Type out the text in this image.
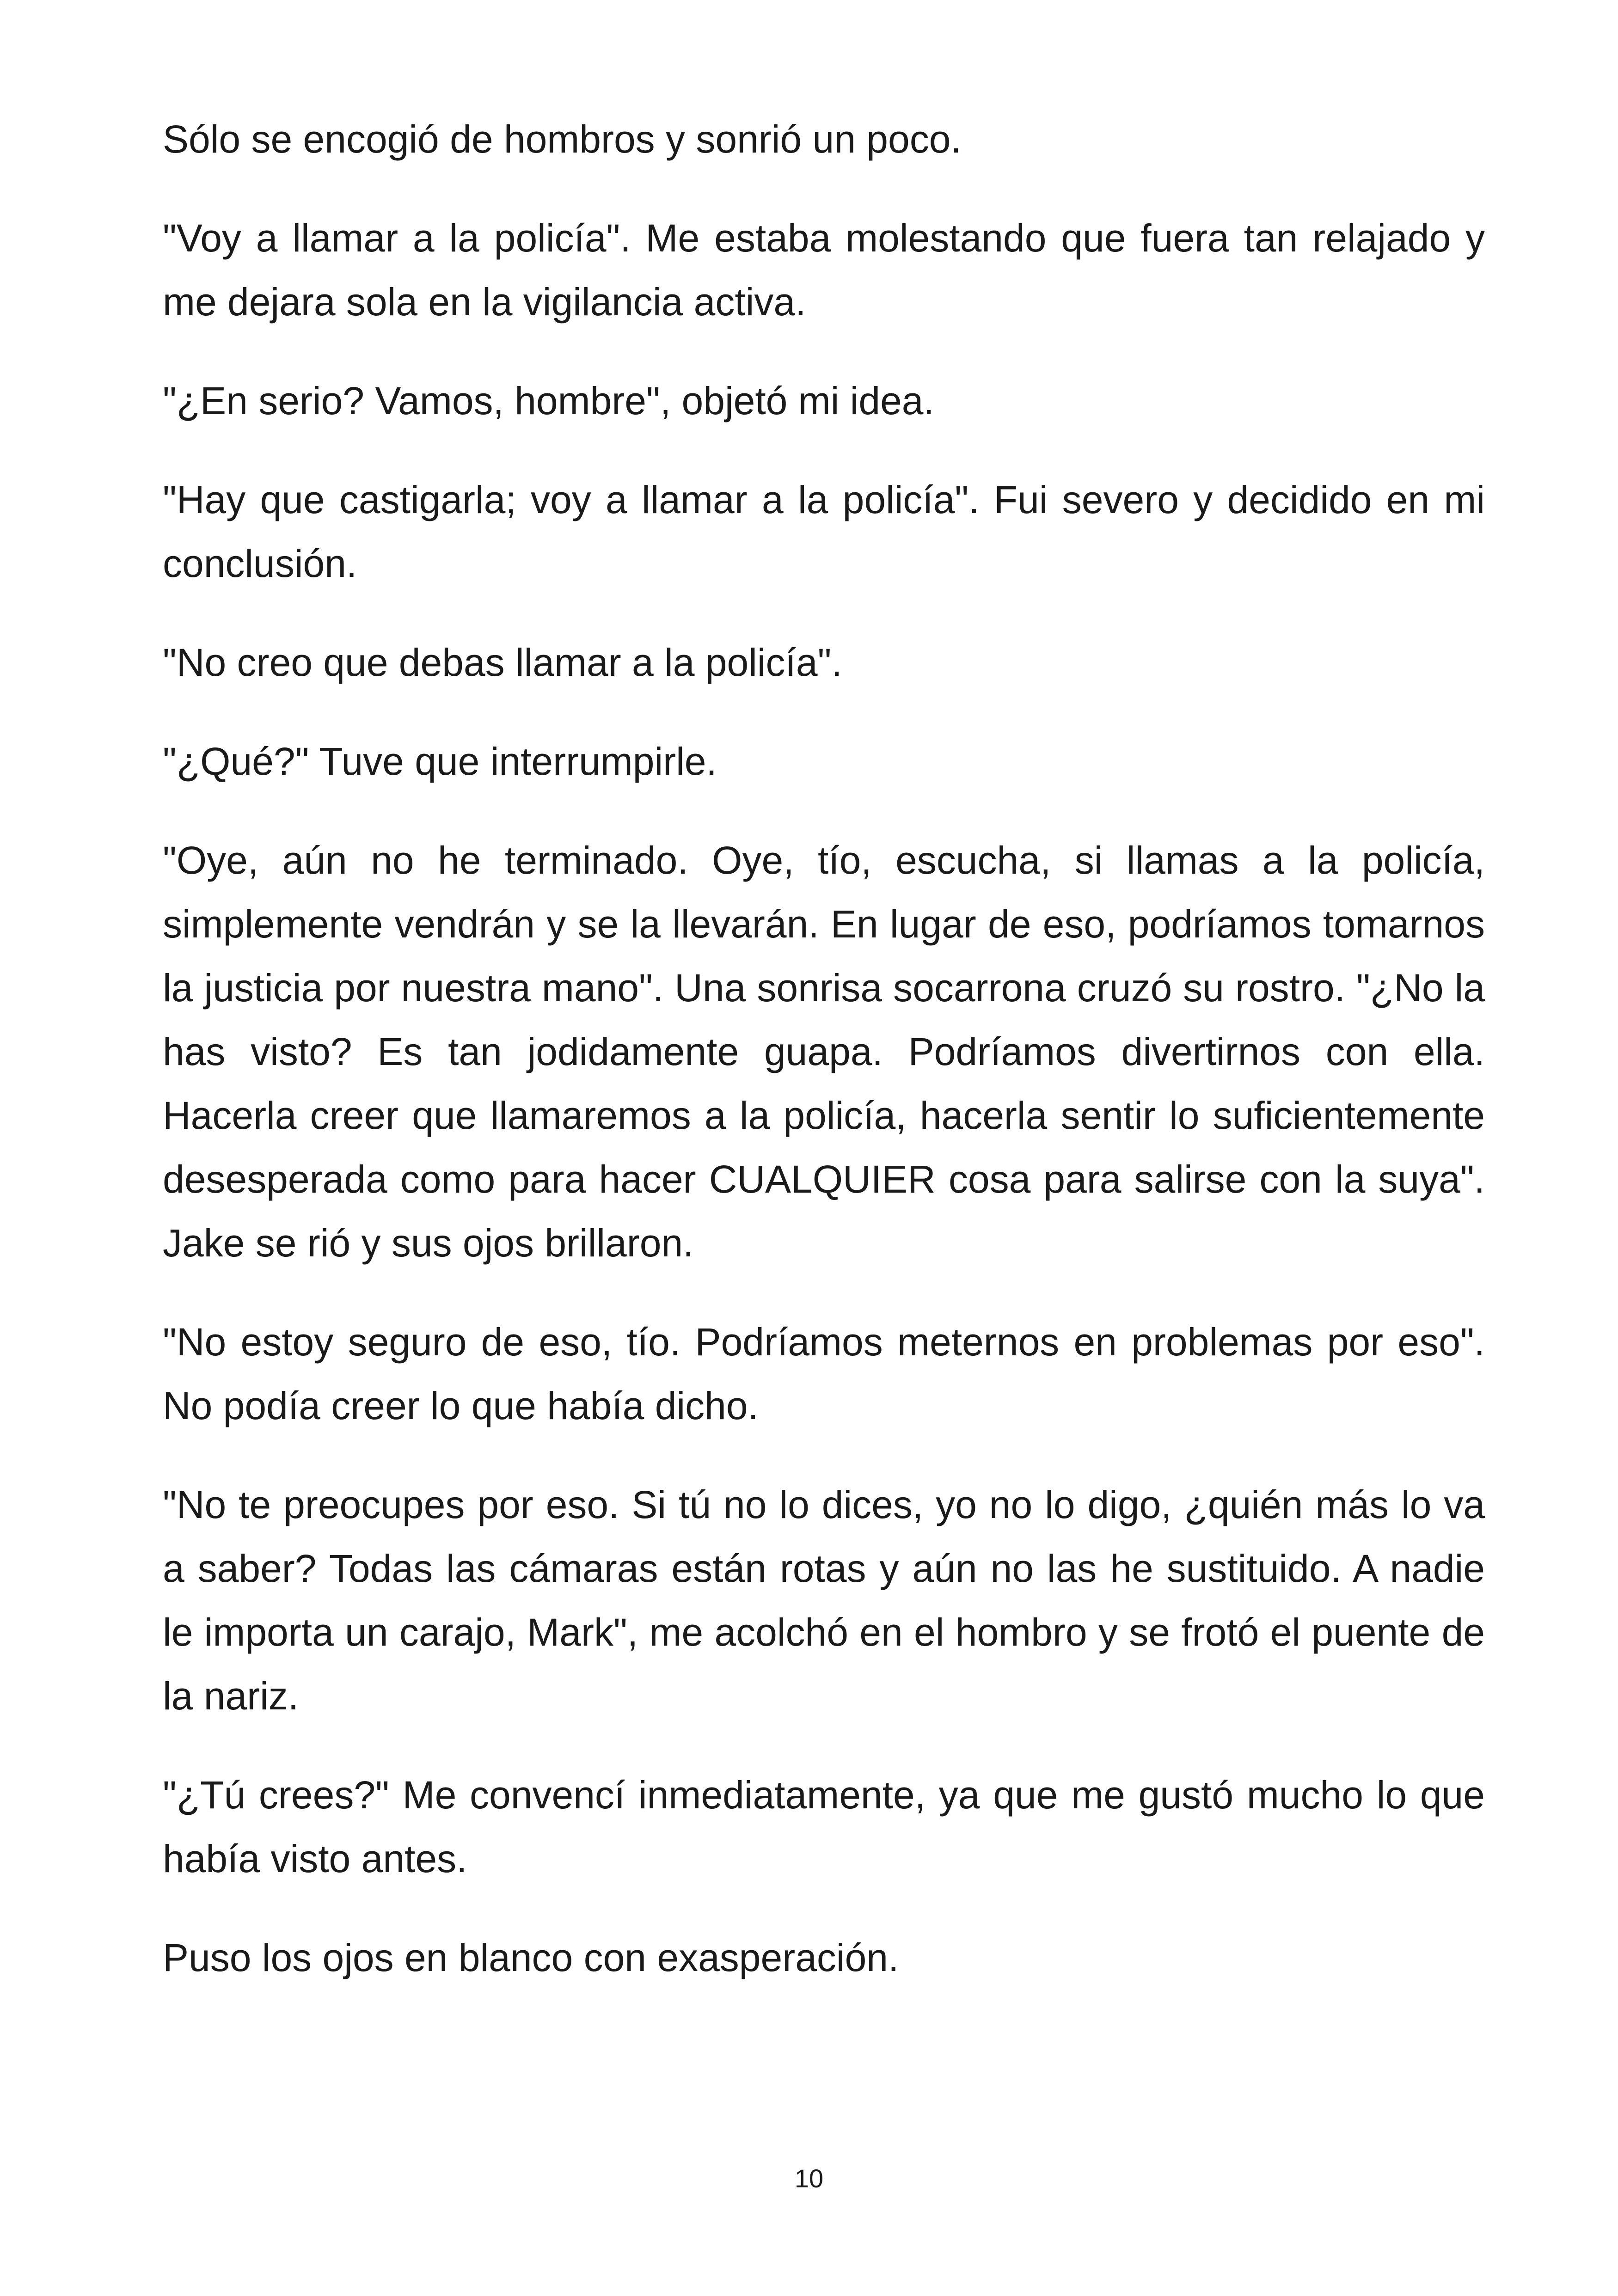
Sólo se encogió de hombros y sonrió un poco.

"Voy a llamar a la policía". Me estaba molestando que fuera tan relajado y me dejara sola en la vigilancia activa.

"¿En serio? Vamos, hombre", objetó mi idea.

"Hay que castigarla; voy a llamar a la policía". Fui severo y decidido en mi conclusión.

"No creo que debas llamar a la policía".

"¿Qué?" Tuve que interrumpirle.

"Oye, aún no he terminado. Oye, tío, escucha, si llamas a la policía, simplemente vendrán y se la llevarán. En lugar de eso, podríamos tomarnos la justicia por nuestra mano". Una sonrisa socarrona cruzó su rostro. "¿No la has visto? Es tan jodidamente guapa. Podríamos divertirnos con ella. Hacerla creer que llamaremos a la policía, hacerla sentir lo suficientemente desesperada como para hacer CUALQUIER cosa para salirse con la suya". Jake se rió y sus ojos brillaron.

"No estoy seguro de eso, tío. Podríamos meternos en problemas por eso". No podía creer lo que había dicho.

"No te preocupes por eso. Si tú no lo dices, yo no lo digo, ¿quién más lo va a saber? Todas las cámaras están rotas y aún no las he sustituido. A nadie le importa un carajo, Mark", me acolchó en el hombro y se frotó el puente de la nariz.

"¿Tú crees?" Me convencí inmediatamente, ya que me gustó mucho lo que había visto antes.

Puso los ojos en blanco con exasperación.

10
